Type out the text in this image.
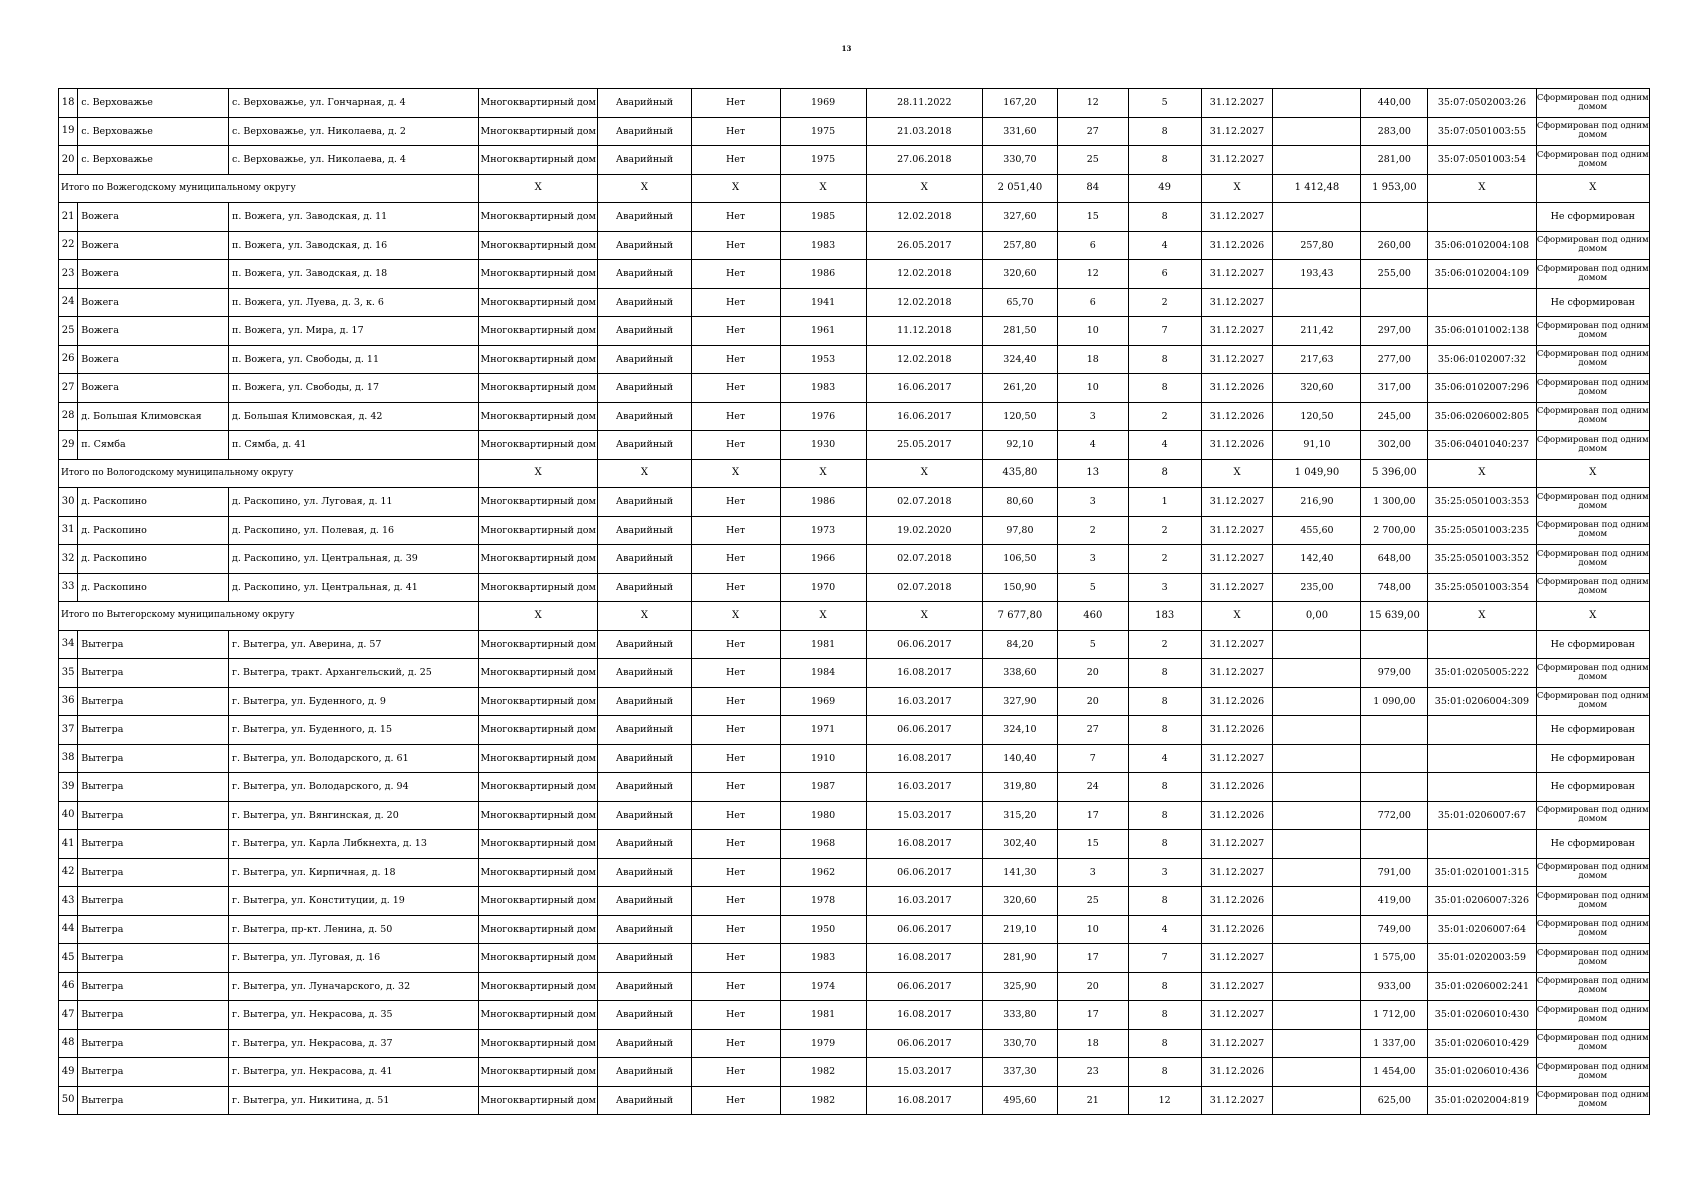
13
18	с. Верховажье	с. Верховажье, ул. Гончарная, д. 4	Многоквартирный дом	Аварийный	Нет	1969	28.11.2022	167,20	12	5	31.12.2027		440,00	35:07:0502003:26	Сформирован под одним домом
19	с. Верховажье	с. Верховажье, ул. Николаева, д. 2	Многоквартирный дом	Аварийный	Нет	1975	21.03.2018	331,60	27	8	31.12.2027		283,00	35:07:0501003:55	Сформирован под одним домом
20	с. Верховажье	с. Верховажье, ул. Николаева, д. 4	Многоквартирный дом	Аварийный	Нет	1975	27.06.2018	330,70	25	8	31.12.2027		281,00	35:07:0501003:54	Сформирован под одним домом
Итого по Вожегодскому муниципальному округу			X	X	X	X	X	2 051,40	84	49	X	1 412,48	1 953,00	X	X
21	Вожега	п. Вожега, ул. Заводская, д. 11	Многоквартирный дом	Аварийный	Нет	1985	12.02.2018	327,60	15	8	31.12.2027				Не сформирован
22	Вожега	п. Вожега, ул. Заводская, д. 16	Многоквартирный дом	Аварийный	Нет	1983	26.05.2017	257,80	6	4	31.12.2026	257,80	260,00	35:06:0102004:108	Сформирован под одним домом
23	Вожега	п. Вожега, ул. Заводская, д. 18	Многоквартирный дом	Аварийный	Нет	1986	12.02.2018	320,60	12	6	31.12.2027	193,43	255,00	35:06:0102004:109	Сформирован под одним домом
24	Вожега	п. Вожега, ул. Луева, д. 3, к. 6	Многоквартирный дом	Аварийный	Нет	1941	12.02.2018	65,70	6	2	31.12.2027				Не сформирован
25	Вожега	п. Вожега, ул. Мира, д. 17	Многоквартирный дом	Аварийный	Нет	1961	11.12.2018	281,50	10	7	31.12.2027	211,42	297,00	35:06:0101002:138	Сформирован под одним домом
26	Вожега	п. Вожега, ул. Свободы, д. 11	Многоквартирный дом	Аварийный	Нет	1953	12.02.2018	324,40	18	8	31.12.2027	217,63	277,00	35:06:0102007:32	Сформирован под одним домом
27	Вожега	п. Вожега, ул. Свободы, д. 17	Многоквартирный дом	Аварийный	Нет	1983	16.06.2017	261,20	10	8	31.12.2026	320,60	317,00	35:06:0102007:296	Сформирован под одним домом
28	д. Большая Климовская	д. Большая Климовская, д. 42	Многоквартирный дом	Аварийный	Нет	1976	16.06.2017	120,50	3	2	31.12.2026	120,50	245,00	35:06:0206002:805	Сформирован под одним домом
29	п. Сямба	п. Сямба, д. 41	Многоквартирный дом	Аварийный	Нет	1930	25.05.2017	92,10	4	4	31.12.2026	91,10	302,00	35:06:0401040:237	Сформирован под одним домом
Итого по Вологодскому муниципальному округу			X	X	X	X	X	435,80	13	8	X	1 049,90	5 396,00	X	X
30	д. Раскопино	д. Раскопино, ул. Луговая, д. 11	Многоквартирный дом	Аварийный	Нет	1986	02.07.2018	80,60	3	1	31.12.2027	216,90	1 300,00	35:25:0501003:353	Сформирован под одним домом
31	д. Раскопино	д. Раскопино, ул. Полевая, д. 16	Многоквартирный дом	Аварийный	Нет	1973	19.02.2020	97,80	2	2	31.12.2027	455,60	2 700,00	35:25:0501003:235	Сформирован под одним домом
32	д. Раскопино	д. Раскопино, ул. Центральная, д. 39	Многоквартирный дом	Аварийный	Нет	1966	02.07.2018	106,50	3	2	31.12.2027	142,40	648,00	35:25:0501003:352	Сформирован под одним домом
33	д. Раскопино	д. Раскопино, ул. Центральная, д. 41	Многоквартирный дом	Аварийный	Нет	1970	02.07.2018	150,90	5	3	31.12.2027	235,00	748,00	35:25:0501003:354	Сформирован под одним домом
Итого по Вытегорскому муниципальному округу			X	X	X	X	X	7 677,80	460	183	X	0,00	15 639,00	X	X
34	Вытегра	г. Вытегра, ул. Аверина, д. 57	Многоквартирный дом	Аварийный	Нет	1981	06.06.2017	84,20	5	2	31.12.2027				Не сформирован
35	Вытегра	г. Вытегра, тракт. Архангельский, д. 25	Многоквартирный дом	Аварийный	Нет	1984	16.08.2017	338,60	20	8	31.12.2027		979,00	35:01:0205005:222	Сформирован под одним домом
36	Вытегра	г. Вытегра, ул. Буденного, д. 9	Многоквартирный дом	Аварийный	Нет	1969	16.03.2017	327,90	20	8	31.12.2026		1 090,00	35:01:0206004:309	Сформирован под одним домом
37	Вытегра	г. Вытегра, ул. Буденного, д. 15	Многоквартирный дом	Аварийный	Нет	1971	06.06.2017	324,10	27	8	31.12.2026				Не сформирован
38	Вытегра	г. Вытегра, ул. Володарского, д. 61	Многоквартирный дом	Аварийный	Нет	1910	16.08.2017	140,40	7	4	31.12.2027				Не сформирован
39	Вытегра	г. Вытегра, ул. Володарского, д. 94	Многоквартирный дом	Аварийный	Нет	1987	16.03.2017	319,80	24	8	31.12.2026				Не сформирован
40	Вытегра	г. Вытегра, ул. Вянгинская, д. 20	Многоквартирный дом	Аварийный	Нет	1980	15.03.2017	315,20	17	8	31.12.2026		772,00	35:01:0206007:67	Сформирован под одним домом
41	Вытегра	г. Вытегра, ул. Карла Либкнехта, д. 13	Многоквартирный дом	Аварийный	Нет	1968	16.08.2017	302,40	15	8	31.12.2027				Не сформирован
42	Вытегра	г. Вытегра, ул. Кирпичная, д. 18	Многоквартирный дом	Аварийный	Нет	1962	06.06.2017	141,30	3	3	31.12.2027		791,00	35:01:0201001:315	Сформирован под одним домом
43	Вытегра	г. Вытегра, ул. Конституции, д. 19	Многоквартирный дом	Аварийный	Нет	1978	16.03.2017	320,60	25	8	31.12.2026		419,00	35:01:0206007:326	Сформирован под одним домом
44	Вытегра	г. Вытегра, пр-кт. Ленина, д. 50	Многоквартирный дом	Аварийный	Нет	1950	06.06.2017	219,10	10	4	31.12.2026		749,00	35:01:0206007:64	Сформирован под одним домом
45	Вытегра	г. Вытегра, ул. Луговая, д. 16	Многоквартирный дом	Аварийный	Нет	1983	16.08.2017	281,90	17	7	31.12.2027		1 575,00	35:01:0202003:59	Сформирован под одним домом
46	Вытегра	г. Вытегра, ул. Луначарского, д. 32	Многоквартирный дом	Аварийный	Нет	1974	06.06.2017	325,90	20	8	31.12.2027		933,00	35:01:0206002:241	Сформирован под одним домом
47	Вытегра	г. Вытегра, ул. Некрасова, д. 35	Многоквартирный дом	Аварийный	Нет	1981	16.08.2017	333,80	17	8	31.12.2027		1 712,00	35:01:0206010:430	Сформирован под одним домом
48	Вытегра	г. Вытегра, ул. Некрасова, д. 37	Многоквартирный дом	Аварийный	Нет	1979	06.06.2017	330,70	18	8	31.12.2027		1 337,00	35:01:0206010:429	Сформирован под одним домом
49	Вытегра	г. Вытегра, ул. Некрасова, д. 41	Многоквартирный дом	Аварийный	Нет	1982	15.03.2017	337,30	23	8	31.12.2026		1 454,00	35:01:0206010:436	Сформирован под одним домом
50	Вытегра	г. Вытегра, ул. Никитина, д. 51	Многоквартирный дом	Аварийный	Нет	1982	16.08.2017	495,60	21	12	31.12.2027		625,00	35:01:0202004:819	Сформирован под одним домом
